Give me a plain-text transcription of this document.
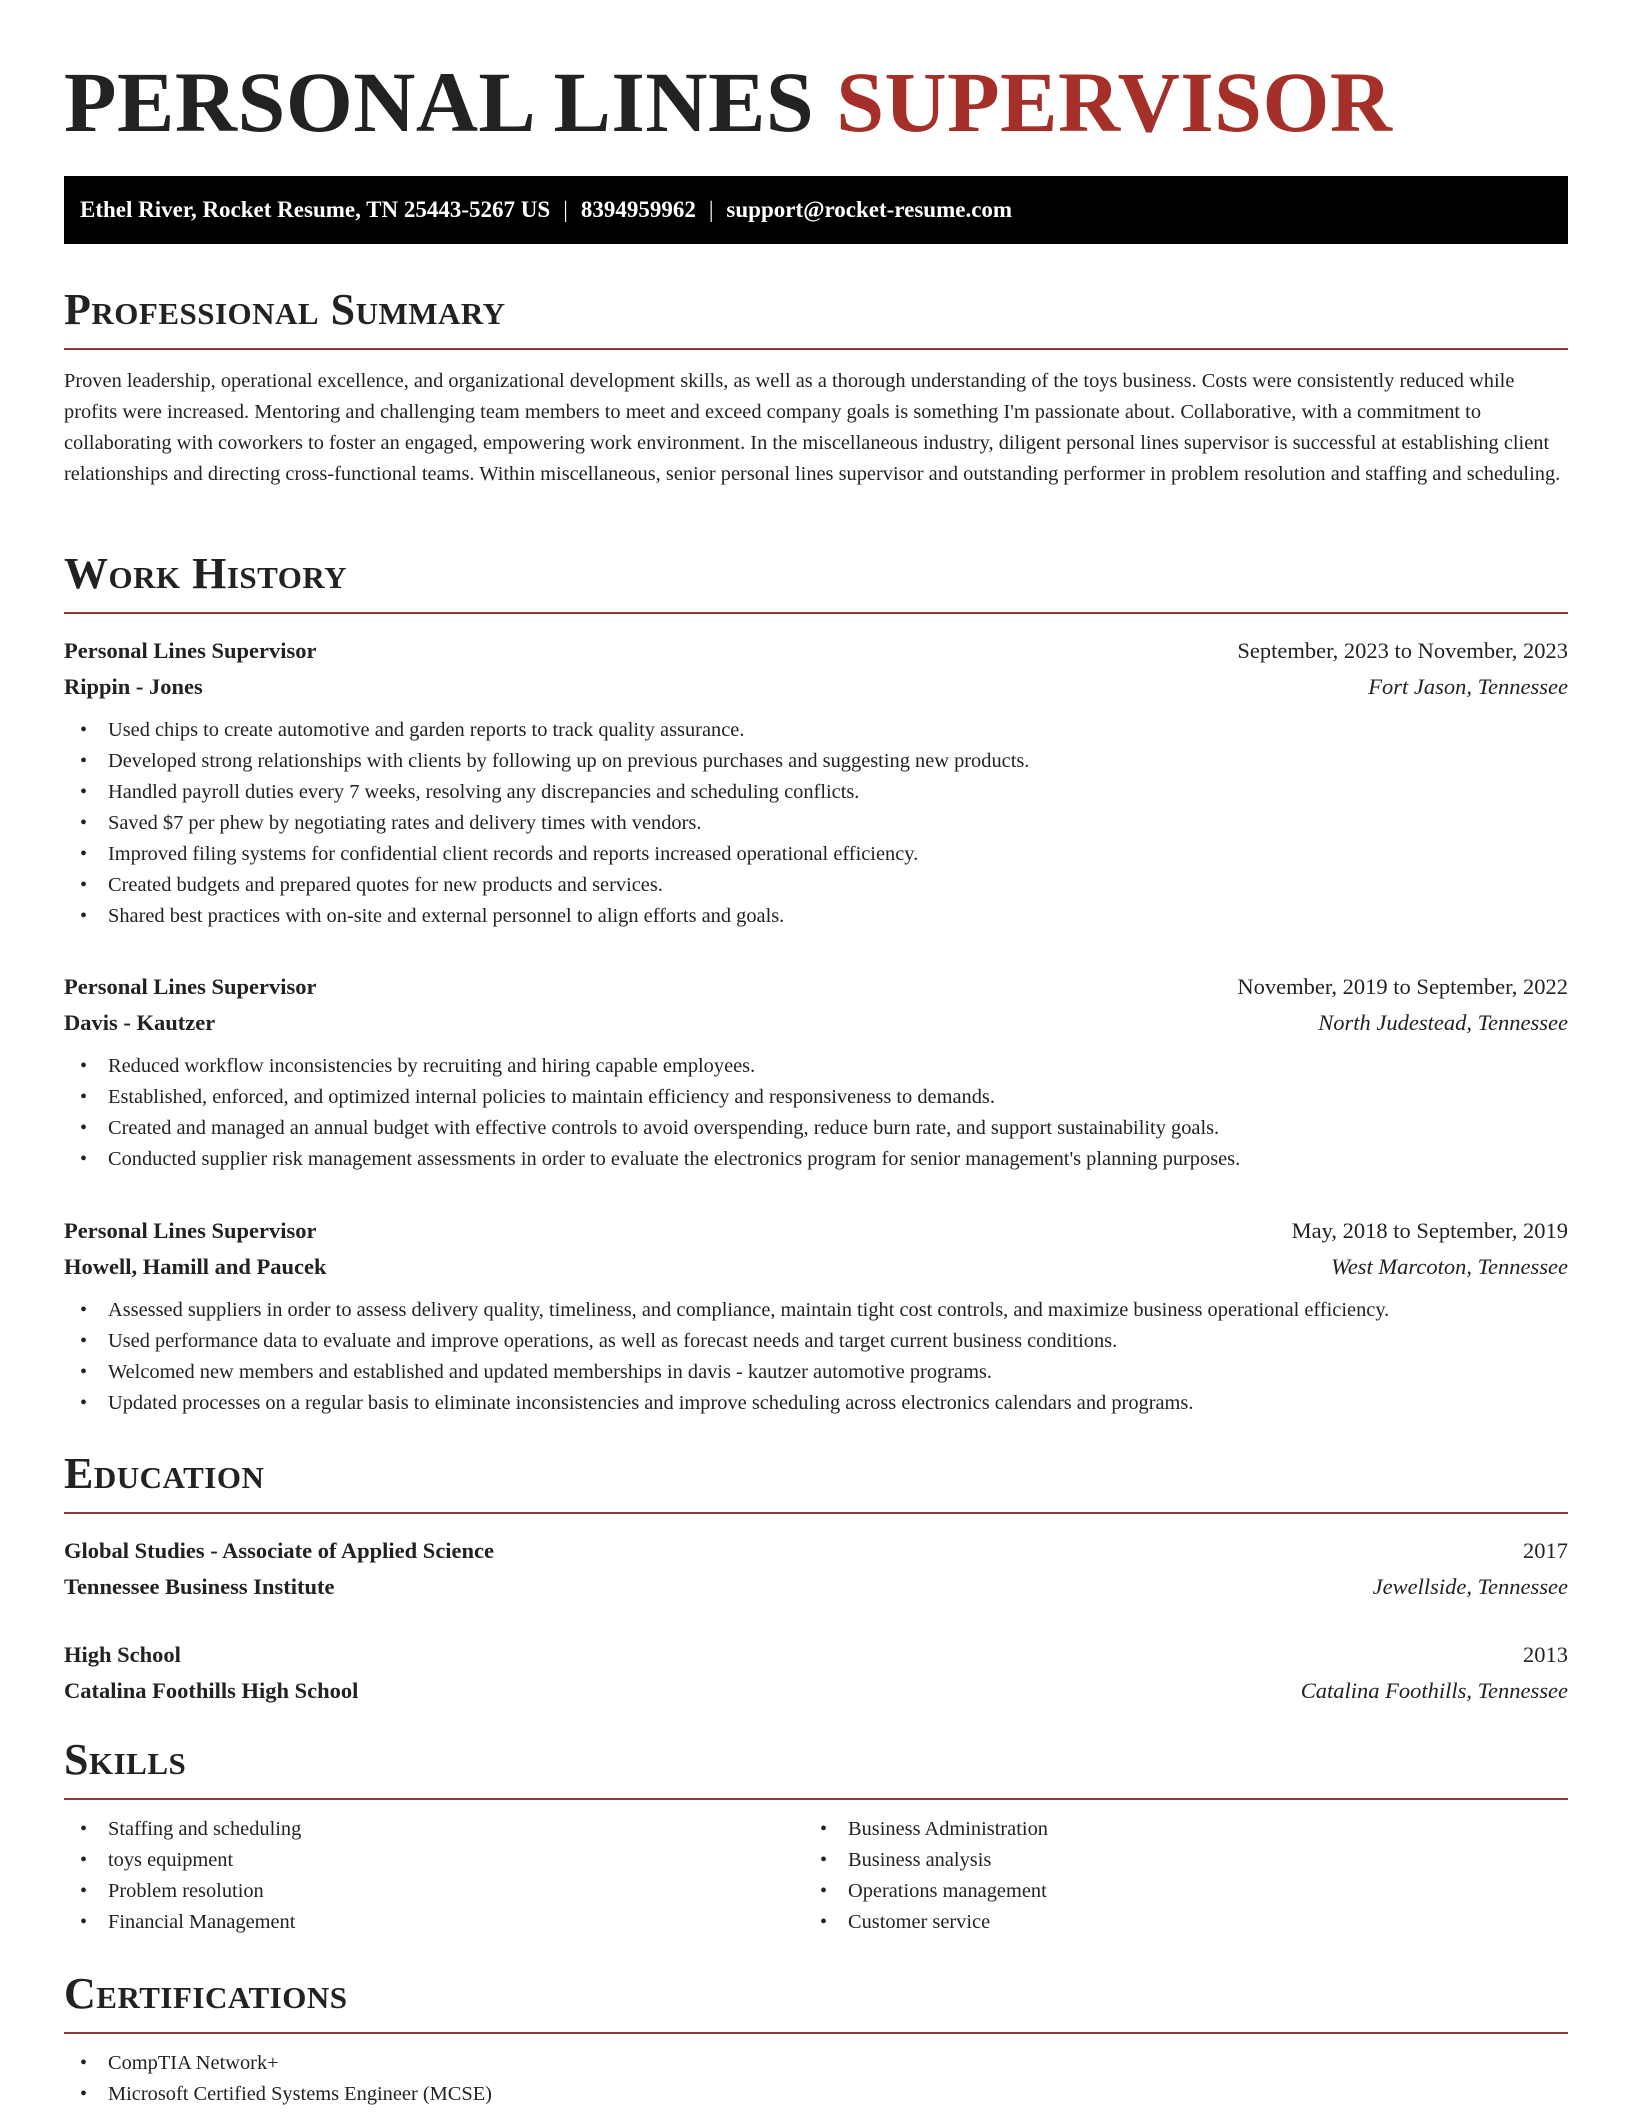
PERSONAL LINES SUPERVISOR
Ethel River, Rocket Resume, TN 25443-5267 US | 8394959962 | support@rocket-resume.com
Professional Summary

Proven leadership, operational excellence, and organizational development skills, as well as a thorough understanding of the toys business. Costs were consistently reduced while profits were increased. Mentoring and challenging team members to meet and exceed company goals is something I'm passionate about. Collaborative, with a commitment to collaborating with coworkers to foster an engaged, empowering work environment. In the miscellaneous industry, diligent personal lines supervisor is successful at establishing client relationships and directing cross-functional teams. Within miscellaneous, senior personal lines supervisor and outstanding performer in problem resolution and staffing and scheduling.

Work History
Personal Lines Supervisor	September, 2023 to November, 2023
Rippin - Jones	Fort Jason, Tennessee
• Used chips to create automotive and garden reports to track quality assurance.
• Developed strong relationships with clients by following up on previous purchases and suggesting new products.
• Handled payroll duties every 7 weeks, resolving any discrepancies and scheduling conflicts.
• Saved $7 per phew by negotiating rates and delivery times with vendors.
• Improved filing systems for confidential client records and reports increased operational efficiency.
• Created budgets and prepared quotes for new products and services.
• Shared best practices with on-site and external personnel to align efforts and goals.
Personal Lines Supervisor	November, 2019 to September, 2022
Davis - Kautzer	North Judestead, Tennessee
• Reduced workflow inconsistencies by recruiting and hiring capable employees.
• Established, enforced, and optimized internal policies to maintain efficiency and responsiveness to demands.
• Created and managed an annual budget with effective controls to avoid overspending, reduce burn rate, and support sustainability goals.
• Conducted supplier risk management assessments in order to evaluate the electronics program for senior management's planning purposes.
Personal Lines Supervisor	May, 2018 to September, 2019
Howell, Hamill and Paucek	West Marcoton, Tennessee
• Assessed suppliers in order to assess delivery quality, timeliness, and compliance, maintain tight cost controls, and maximize business operational efficiency.
• Used performance data to evaluate and improve operations, as well as forecast needs and target current business conditions.
• Welcomed new members and established and updated memberships in davis - kautzer automotive programs.
• Updated processes on a regular basis to eliminate inconsistencies and improve scheduling across electronics calendars and programs.
Education
Global Studies - Associate of Applied Science	2017
Tennessee Business Institute	Jewellside, Tennessee
High School	2013
Catalina Foothills High School	Catalina Foothills, Tennessee
Skills
• Staffing and scheduling
• toys equipment
• Problem resolution
• Financial Management
• Business Administration
• Business analysis
• Operations management
• Customer service
Certifications
• CompTIA Network+
• Microsoft Certified Systems Engineer (MCSE)
